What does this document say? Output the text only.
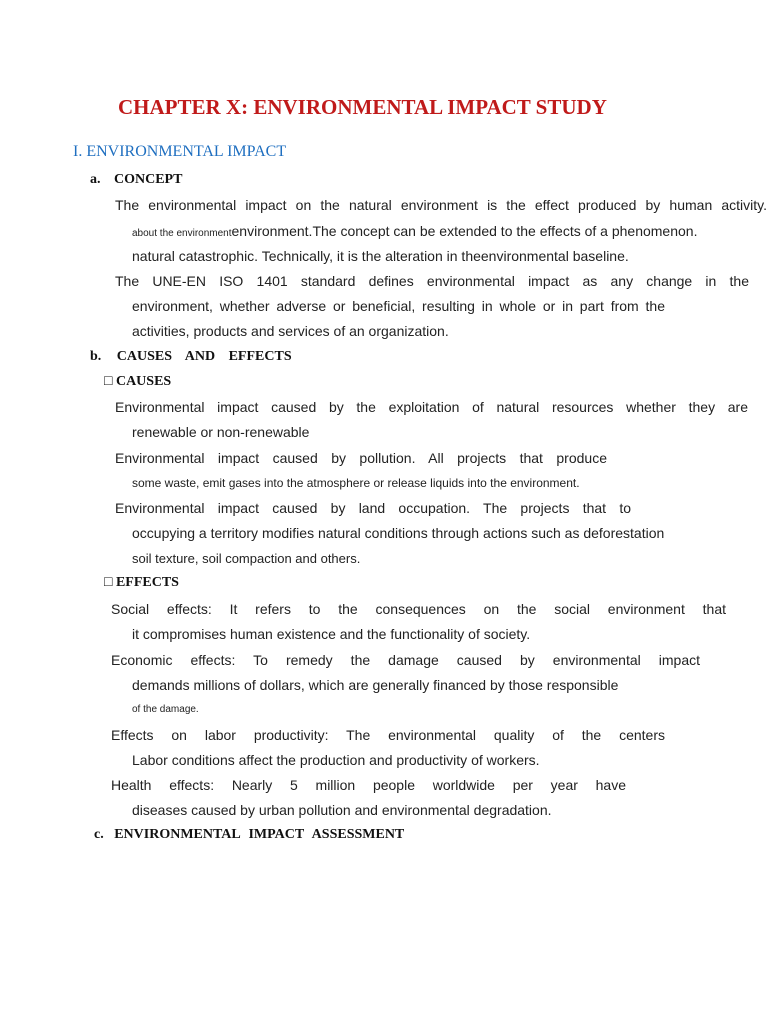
CHAPTER X: ENVIRONMENTAL IMPACT STUDY
I. ENVIRONMENTAL IMPACT
a. CONCEPT
The environmental impact on the natural environment is the effect produced by human activity.
about the environmentenvironment.The concept can be extended to the effects of a phenomenon.
natural catastrophic. Technically, it is the alteration in theenvironmental baseline.
The UNE-EN ISO 1401 standard defines environmental impact as any change in the
environment, whether adverse or beneficial, resulting in whole or in part from the
activities, products and services of an organization.
b. CAUSES AND EFFECTS
□ CAUSES
Environmental impact caused by the exploitation of natural resources whether they are
renewable or non-renewable
Environmental impact caused by pollution. All projects that produce
some waste, emit gases into the atmosphere or release liquids into the environment.
Environmental impact caused by land occupation. The projects that to
occupying a territory modifies natural conditions through actions such as deforestation
soil texture, soil compaction and others.
□ EFFECTS
Social effects: It refers to the consequences on the social environment that
it compromises human existence and the functionality of society.
Economic effects: To remedy the damage caused by environmental impact
demands millions of dollars, which are generally financed by those responsible
of the damage.
Effects on labor productivity: The environmental quality of the centers
Labor conditions affect the production and productivity of workers.
Health effects: Nearly 5 million people worldwide per year have
diseases caused by urban pollution and environmental degradation.
c. ENVIRONMENTAL IMPACT ASSESSMENT
